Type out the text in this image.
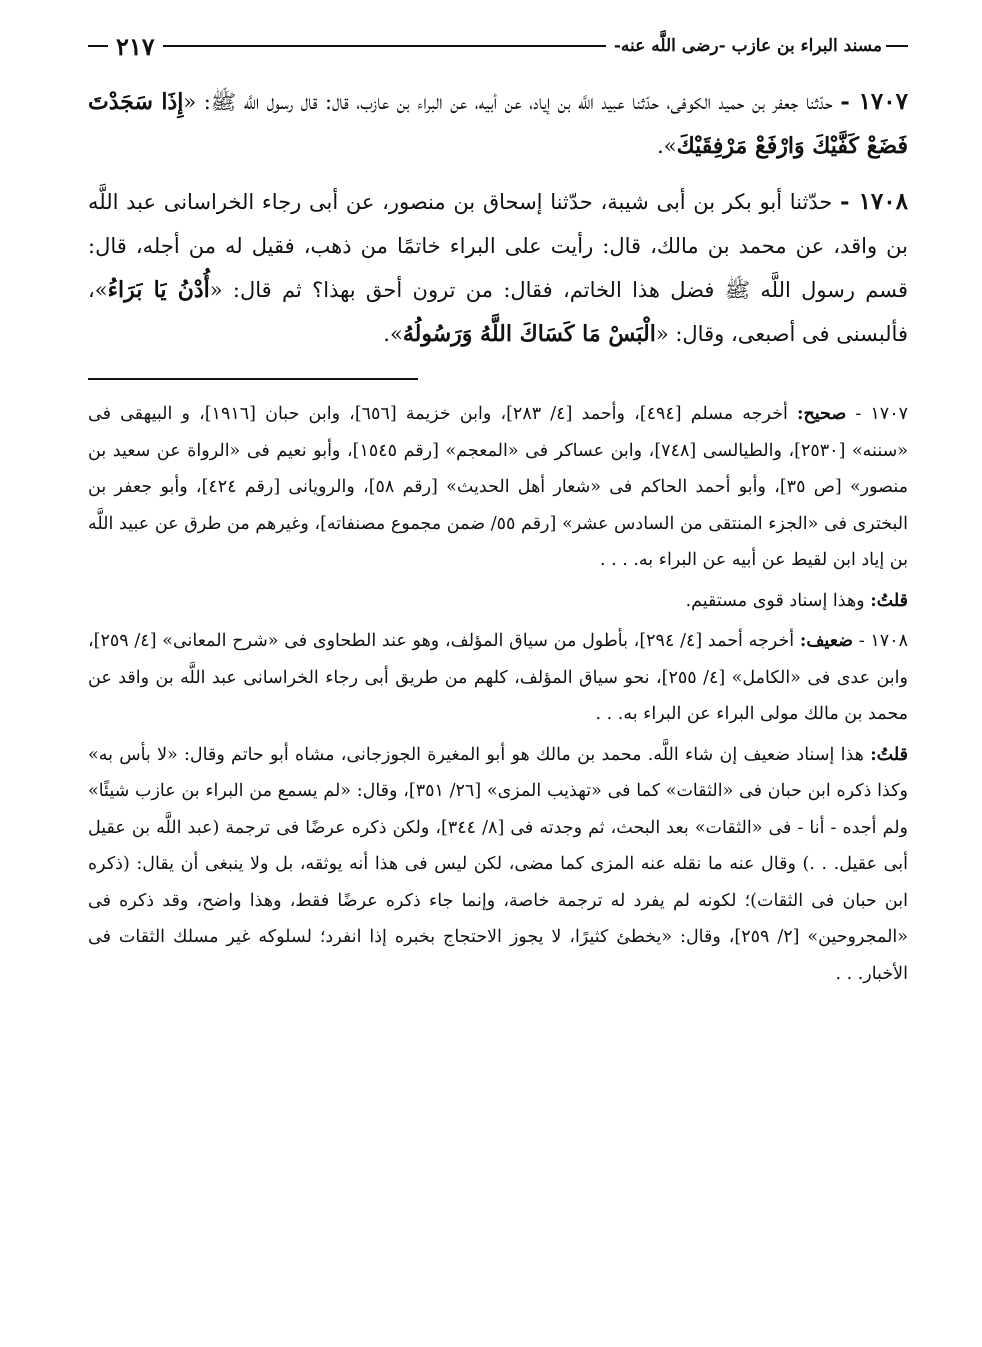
مسند البراء بن عازب -رضى اللَّه عنه-
٢١٧

١٧٠٧ - حدّثنا جعفر بن حميد الكوفى، حدّثنا عبيد اللَّه بن إياد، عن أبيه، عن البراء بن عازب، قال: قال رسول اللَّه ﷺ: «إِذَا سَجَدْتَ فَضَعْ كَفَّيْكَ وَارْفَعْ مَرْفِقَيْكَ».

١٧٠٨ - حدّثنا أبو بكر بن أبى شيبة، حدّثنا إسحاق بن منصور، عن أبى رجاء الخراسانى عبد اللَّه بن واقد، عن محمد بن مالك، قال: رأيت على البراء خاتمًا من ذهب، فقيل له من أجله، قال: قسم رسول اللَّه ﷺ فضل هذا الخاتم، فقال: من ترون أحق بهذا؟ ثم قال: «أُدْنُ يَا بَرَاءُ»، فألبسنى فى أصبعى، وقال: «الْبَسْ مَا كَسَاكَ اللَّهُ وَرَسُولُهُ».

١٧٠٧ - صحيح: أخرجه مسلم [٤٩٤]، وأحمد [٤/ ٢٨٣]، وابن خزيمة [٦٥٦]، وابن حبان [١٩١٦]، و البيهقى فى «سننه» [٢٥٣٠]، والطيالسى [٧٤٨]، وابن عساكر فى «المعجم» [رقم ١٥٤٥]، وأبو نعيم فى «الرواة عن سعيد بن منصور» [ص ٣٥]، وأبو أحمد الحاكم فى «شعار أهل الحديث» [رقم ٥٨]، والرويانى [رقم ٤٢٤]، وأبو جعفر بن البخترى فى «الجزء المنتقى من السادس عشر» [رقم ٥٥/ ضمن مجموع مصنفاته]، وغيرهم من طرق عن عبيد اللَّه بن إياد ابن لقيط عن أبيه عن البراء به. . . .

قلتُ: وهذا إسناد قوى مستقيم.

١٧٠٨ - ضعيف: أخرجه أحمد [٤/ ٢٩٤]، بأطول من سياق المؤلف، وهو عند الطحاوى فى «شرح المعانى» [٤/ ٢٥٩]، وابن عدى فى «الكامل» [٤/ ٢٥٥]، نحو سياق المؤلف، كلهم من طريق أبى رجاء الخراسانى عبد اللَّه بن واقد عن محمد بن مالك مولى البراء عن البراء به. . .

قلتُ: هذا إسناد ضعيف إن شاء اللَّه. محمد بن مالك هو أبو المغيرة الجوزجانى، مشاه أبو حاتم وقال: «لا بأس به» وكذا ذكره ابن حبان فى «الثقات» كما فى «تهذيب المزى» [٢٦/ ٣٥١]، وقال: «لم يسمع من البراء بن عازب شيئًا» ولم أجده - أنا - فى «الثقات» بعد البحث، ثم وجدته فى [٨/ ٣٤٤]، ولكن ذكره عرضًا فى ترجمة (عبد اللَّه بن عقيل أبى عقيل. . .) وقال عنه ما نقله عنه المزى كما مضى، لكن ليس فى هذا أنه يوثقه، بل ولا ينبغى أن يقال: (ذكره ابن حبان فى الثقات)؛ لكونه لم يفرد له ترجمة خاصة، وإنما جاء ذكره عرضًا فقط، وهذا واضح، وقد ذكره فى «المجروحين» [٢/ ٢٥٩]، وقال: «يخطئ كثيرًا، لا يجوز الاحتجاج بخبره إذا انفرد؛ لسلوكه غير مسلك الثقات فى الأخبار. . .
